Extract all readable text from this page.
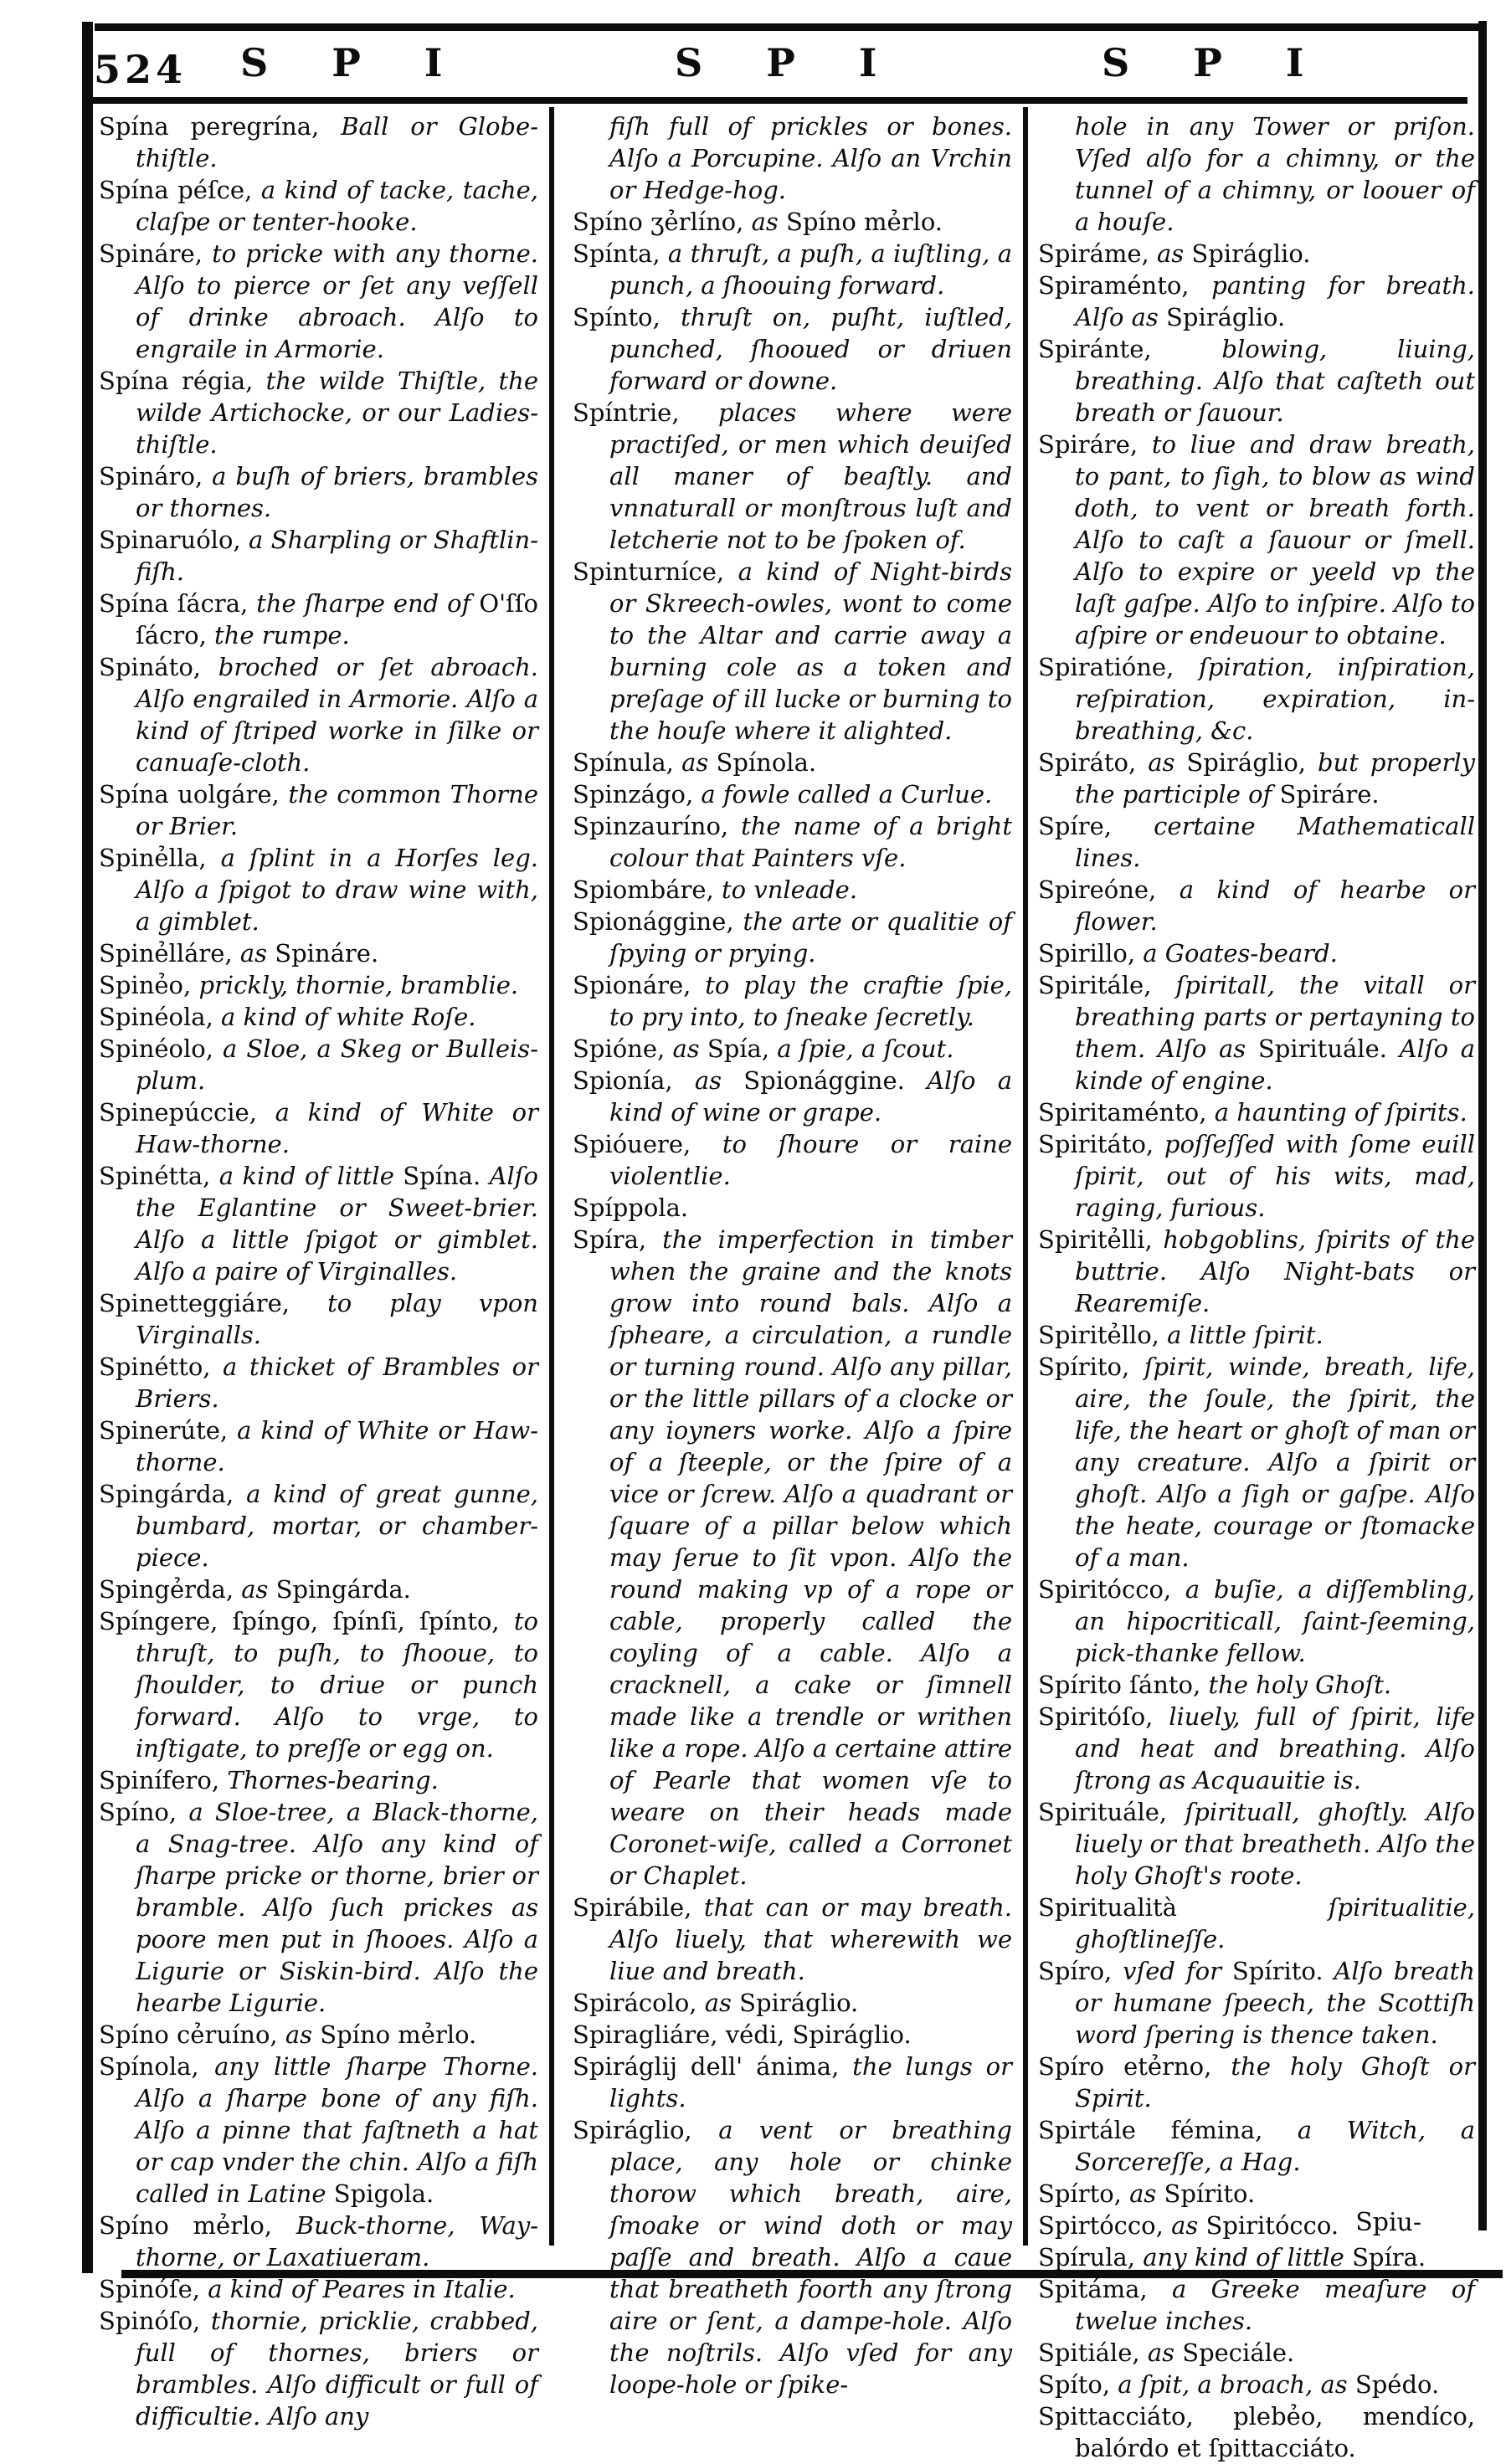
524 S P I	S P I	S P I

Spína peregrína, Ball or Globe-thiſtle.

Spína péſce, a kind of tacke, tache, claſpe or tenter-hooke.

Spináre, to pricke with any thorne. Alſo to pierce or ſet any veſſell of drinke abroach. Alſo to engraile in Armorie.

Spína régia, the wilde Thiſtle, the wilde Artichocke, or our Ladies-thiſtle.

Spináro, a buſh of briers, brambles or thornes.

Spinaruólo, a Sharpling or Shaftlin-fiſh.

Spína ſácra, the ſharpe end of O'ſſo ſácro, the rumpe.

Spináto, broched or ſet abroach. Alſo engrailed in Armorie. Alſo a kind of ſtriped worke in ſilke or canuaſe-cloth.

Spína uolgáre, the common Thorne or Brier.

Spinẻlla, a ſplint in a Horſes leg. Alſo a ſpigot to draw wine with, a gimblet.

Spinẻlláre, as Spináre.

Spinẻo, prickly, thornie, bramblie.

Spinéola, a kind of white Roſe.

Spinéolo, a Sloe, a Skeg or Bulleis-plum.

Spinepúccie, a kind of White or Haw-thorne.

Spinétta, a kind of little Spína. Alſo the Eglantine or Sweet-brier. Alſo a little ſpigot or gimblet. Alſo a paire of Virginalles.

Spinetteggiáre, to play vpon Virginalls.

Spinétto, a thicket of Brambles or Briers.

Spinerúte, a kind of White or Haw-thorne.

Spingárda, a kind of great gunne, bumbard, mortar, or chamber-piece.

Spingẻrda, as Spingárda.

Spíngere, ſpíngo, ſpínſi, ſpínto, to thruſt, to puſh, to ſhooue, to ſhoulder, to driue or punch forward. Alſo to vrge, to inſtigate, to preſſe or egg on.

Spinífero, Thornes-bearing.

Spíno, a Sloe-tree, a Black-thorne, a Snag-tree. Alſo any kind of ſharpe pricke or thorne, brier or bramble. Alſo ſuch prickes as poore men put in ſhooes. Alſo a Ligurie or Siskin-bird. Alſo the hearbe Ligurie.

Spíno cẻruíno, as Spíno mẻrlo.

Spínola, any little ſharpe Thorne. Alſo a ſharpe bone of any fiſh. Alſo a pinne that faſtneth a hat or cap vnder the chin. Alſo a fiſh called in Latine Spigola.

Spíno mẻrlo, Buck-thorne, Way-thorne, or Laxatiueram.

Spinóſe, a kind of Peares in Italie.

Spinóſo, thornie, pricklie, crabbed, full of thornes, briers or brambles. Alſo difficult or full of difficultie. Alſo any

fiſh full of prickles or bones. Alſo a Porcupine. Alſo an Vrchin or Hedge-hog.

Spíno ʒẻrlíno, as Spíno mẻrlo.

Spínta, a thruſt, a puſh, a iuſtling, a punch, a ſhoouing forward.

Spínto, thruſt on, puſht, iuſtled, punched, ſhooued or driuen forward or downe.

Spíntrie, places where were practiſed, or men which deuiſed all maner of beaſtly. and vnnaturall or monſtrous luſt and letcherie not to be ſpoken of.

Spinturníce, a kind of Night-birds or Skreech-owles, wont to come to the Altar and carrie away a burning cole as a token and preſage of ill lucke or burning to the houſe where it alighted.

Spínula, as Spínola.

Spinzágo, a fowle called a Curlue.

Spinzauríno, the name of a bright colour that Painters vſe.

Spiombáre, to vnleade.

Spionággine, the arte or qualitie of ſpying or prying.

Spionáre, to play the craftie ſpie, to pry into, to ſneake ſecretly.

Spióne, as Spía, a ſpie, a ſcout.

Spionía, as Spionággine. Alſo a kind of wine or grape.

Spióuere, to ſhoure or raine violentlie.

Spíppola.

Spíra, the imperfection in timber when the graine and the knots grow into round bals. Alſo a ſpheare, a circulation, a rundle or turning round. Alſo any pillar, or the little pillars of a clocke or any ioyners worke. Alſo a ſpire of a ſteeple, or the ſpire of a vice or ſcrew. Alſo a quadrant or ſquare of a pillar below which may ſerue to ſit vpon. Alſo the round making vp of a rope or cable, properly called the coyling of a cable. Alſo a cracknell, a cake or ſimnell made like a trendle or writhen like a rope. Alſo a certaine attire of Pearle that women vſe to weare on their heads made Coronet-wiſe, called a Corronet or Chaplet.

Spirábile, that can or may breath. Alſo liuely, that wherewith we liue and breath.

Spirácolo, as Spiráglio.

Spiragliáre, védi, Spiráglio.

Spiráglij dell' ánima, the lungs or lights.

Spiráglio, a vent or breathing place, any hole or chinke thorow which breath, aire, ſmoake or wind doth or may paſſe and breath. Alſo a caue that breatheth foorth any ſtrong aire or ſent, a dampe-hole. Alſo the noſtrils. Alſo vſed for any loope-hole or ſpike-

hole in any Tower or priſon. Vſed alſo for a chimny, or the tunnel of a chimny, or loouer of a houſe.

Spiráme, as Spiráglio.

Spiraménto, panting for breath. Alſo as Spiráglio.

Spiránte, blowing, liuing, breathing. Alſo that caſteth out breath or ſauour.

Spiráre, to liue and draw breath, to pant, to ſigh, to blow as wind doth, to vent or breath forth. Alſo to caſt a ſauour or ſmell. Alſo to expire or yeeld vp the laſt gaſpe. Alſo to inſpire. Alſo to aſpire or endeuour to obtaine.

Spiratióne, ſpiration, inſpiration, reſpiration, expiration, in-breathing, &c.

Spiráto, as Spiráglio, but properly the participle of Spiráre.

Spíre, certaine Mathematicall lines.

Spireóne, a kind of hearbe or flower.

Spirillo, a Goates-beard.

Spiritále, ſpiritall, the vitall or breathing parts or pertayning to them. Alſo as Spirituále. Alſo a kinde of engine.

Spiritaménto, a haunting of ſpirits.

Spiritáto, poſſeſſed with ſome euill ſpirit, out of his wits, mad, raging, furious.

Spiritẻlli, hobgoblins, ſpirits of the buttrie. Alſo Night-bats or Rearemiſe.

Spiritẻllo, a little ſpirit.

Spírito, ſpirit, winde, breath, life, aire, the ſoule, the ſpirit, the life, the heart or ghoſt of man or any creature. Alſo a ſpirit or ghoſt. Alſo a ſigh or gaſpe. Alſo the heate, courage or ſtomacke of a man.

Spiritócco, a buſie, a diſſembling, an hipocriticall, ſaint-ſeeming, pick-thanke fellow.

Spírito ſánto, the holy Ghoſt.

Spiritóſo, liuely, full of ſpirit, life and heat and breathing. Alſo ſtrong as Acquauitie is.

Spirituále, ſpirituall, ghoſtly. Alſo liuely or that breatheth. Alſo the holy Ghoſt's roote.

Spiritualità ſpiritualitie, ghoſtlineſſe.

Spíro, vſed for Spírito. Alſo breath or humane ſpeech, the Scottiſh word ſpering is thence taken.

Spíro etẻrno, the holy Ghoſt or Spirit.

Spirtále fémina, a Witch, a Sorcereſſe, a Hag.

Spírto, as Spírito.

Spirtócco, as Spiritócco.

Spírula, any kind of little Spíra.

Spitáma, a Greeke meaſure of twelue inches.

Spitiále, as Speciále.

Spíto, a ſpit, a broach, as Spédo.

Spittacciáto, plebẻo, mendíco, balórdo et ſpittacciáto.

Spiu-
